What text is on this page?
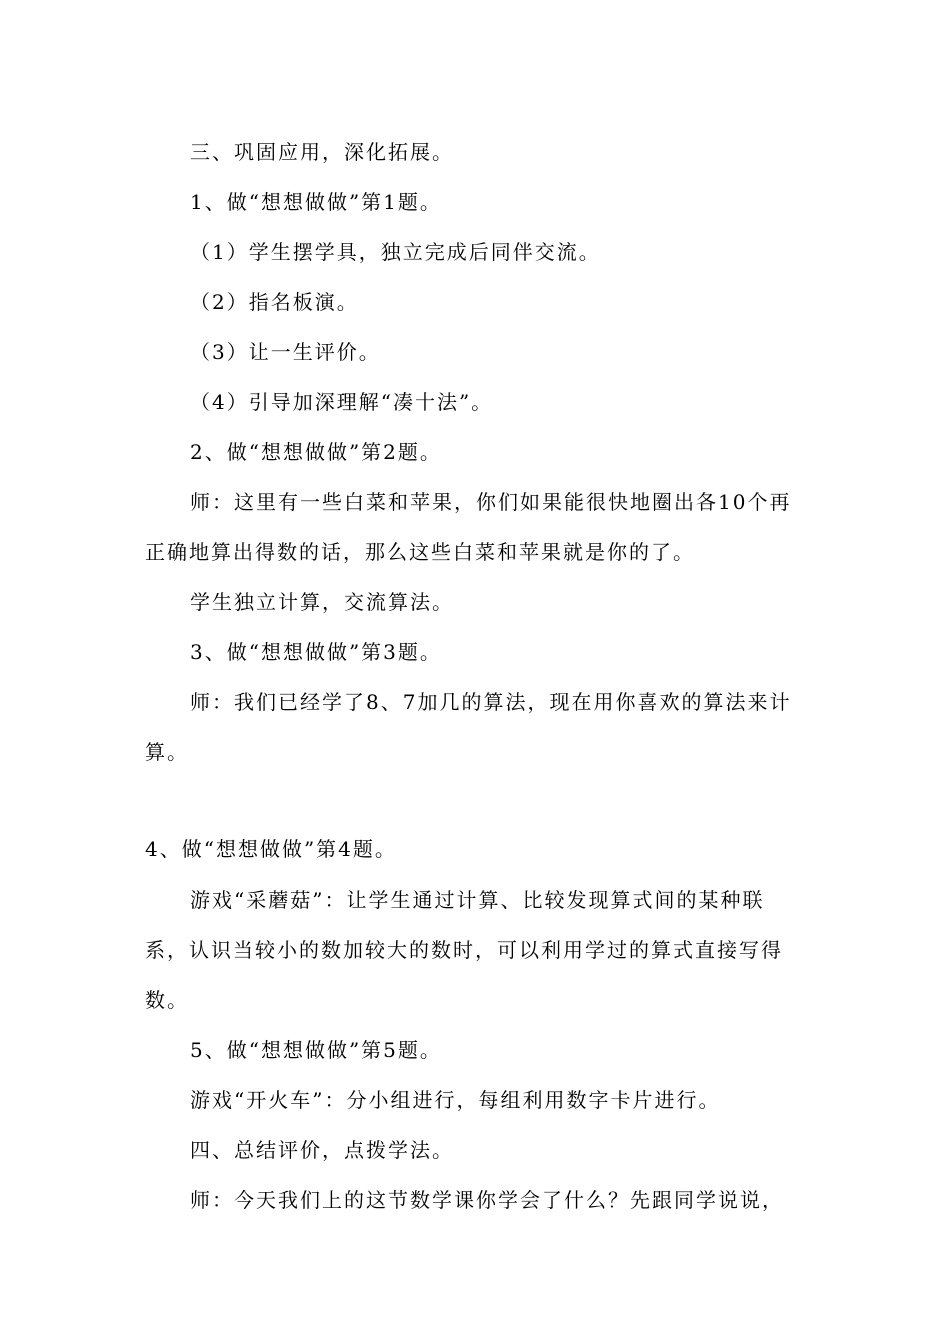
三、巩固应用，深化拓展。
1、做“想想做做”第1题。
（1）学生摆学具，独立完成后同伴交流。
（2）指名板演。
（3）让一生评价。
（4）引导加深理解“凑十法”。
2、做“想想做做”第2题。
师：这里有一些白菜和苹果，你们如果能很快地圈出各10个再
正确地算出得数的话，那么这些白菜和苹果就是你的了。
学生独立计算，交流算法。
3、做“想想做做”第3题。
师：我们已经学了8、7加几的算法，现在用你喜欢的算法来计
算。
4、做“想想做做”第4题。
游戏“采蘑菇”：让学生通过计算、比较发现算式间的某种联
系，认识当较小的数加较大的数时，可以利用学过的算式直接写得
数。
5、做“想想做做”第5题。
游戏“开火车”：分小组进行，每组利用数字卡片进行。
四、总结评价，点拨学法。
师：今天我们上的这节数学课你学会了什么？先跟同学说说，
